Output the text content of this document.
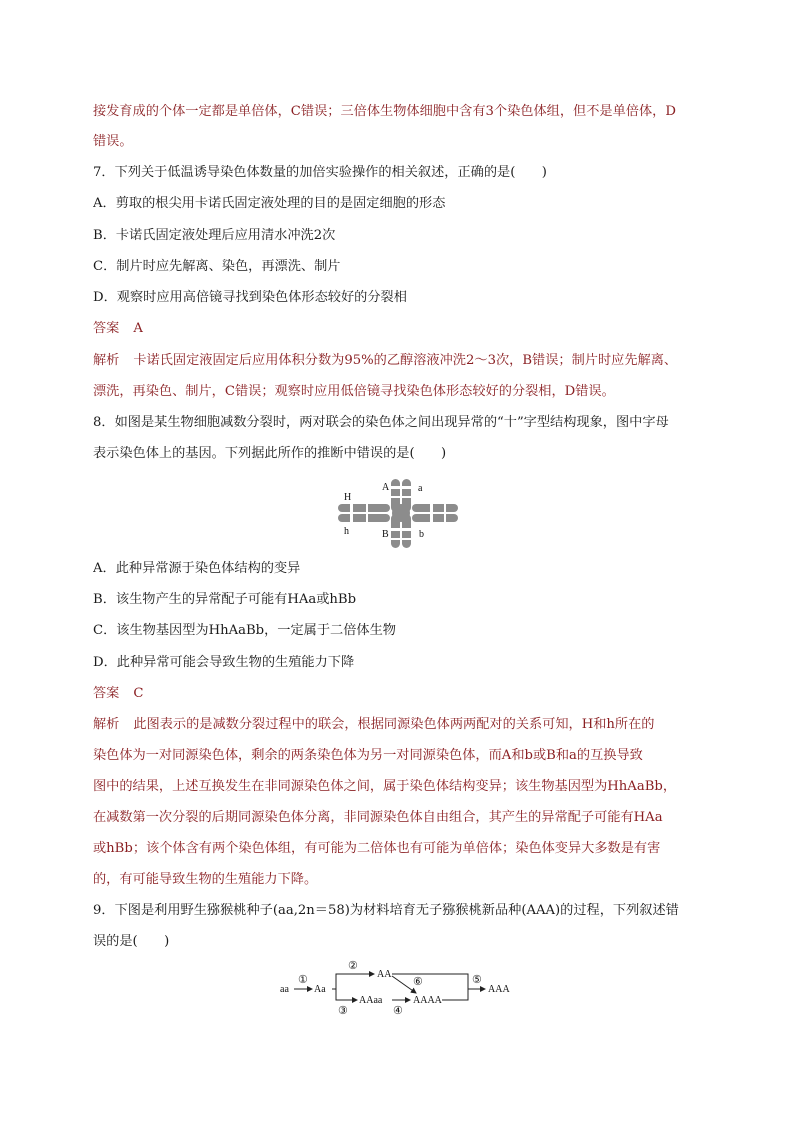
接发育成的个体一定都是单倍体，C错误；三倍体生物体细胞中含有3个染色体组，但不是单倍体，D
错误。
7．下列关于低温诱导染色体数量的加倍实验操作的相关叙述，正确的是(　　)
A．剪取的根尖用卡诺氏固定液处理的目的是固定细胞的形态
B．卡诺氏固定液处理后应用清水冲洗2次
C．制片时应先解离、染色，再漂洗、制片
D．观察时应用高倍镜寻找到染色体形态较好的分裂相
答案 A
解析 卡诺氏固定液固定后应用体积分数为95%的乙醇溶液冲洗2～3次，B错误；制片时应先解离、
漂洗，再染色、制片，C错误；观察时应用低倍镜寻找染色体形态较好的分裂相，D错误。
8．如图是某生物细胞减数分裂时，两对联会的染色体之间出现异常的“十”字型结构现象，图中字母
表示染色体上的基因。下列据此所作的推断中错误的是(　　)
A	a
H
h	B	b
A．此种异常源于染色体结构的变异
B．该生物产生的异常配子可能有HAa或hBb
C．该生物基因型为HhAaBb，一定属于二倍体生物
D．此种异常可能会导致生物的生殖能力下降
答案 C
解析 此图表示的是减数分裂过程中的联会，根据同源染色体两两配对的关系可知，H和h所在的
染色体为一对同源染色体，剩余的两条染色体为另一对同源染色体，而A和b或B和a的互换导致
图中的结果，上述互换发生在非同源染色体之间，属于染色体结构变异；该生物基因型为HhAaBb，
在减数第一次分裂的后期同源染色体分离，非同源染色体自由组合，其产生的异常配子可能有HAa
或hBb；该个体含有两个染色体组，有可能为二倍体也有可能为单倍体；染色体变异大多数是有害
的，有可能导致生物的生殖能力下降。
9．下图是利用野生猕猴桃种子(aa,2n＝58)为材料培育无子猕猴桃新品种(AAA)的过程，下列叙述错
误的是(　　)
aa	Aa
AA
AAaa	AAAA
AAA
①
②
③	④
⑤
⑥
